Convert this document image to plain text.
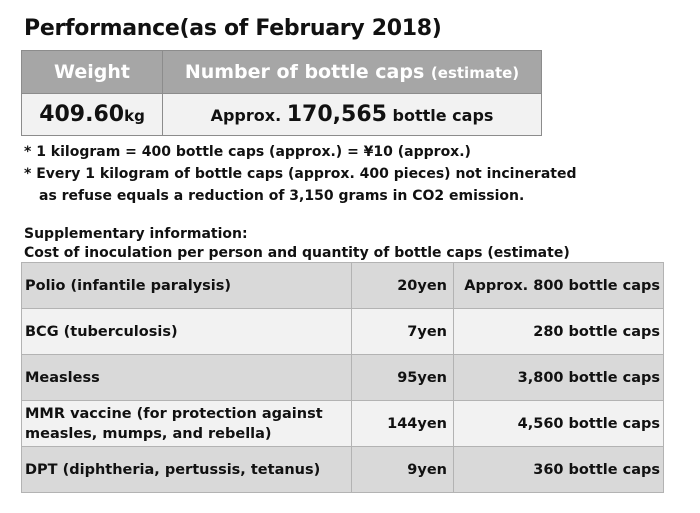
Performance(as of February 2018)
Weight	Number of bottle caps (estimate)
409.60kg	Approx. 170,565 bottle caps
* 1 kilogram = 400 bottle caps (approx.) = ¥10 (approx.)
* Every 1 kilogram of bottle caps (approx. 400 pieces) not incinerated
as refuse equals a reduction of 3,150 grams in CO2 emission.
Supplementary information:
Cost of inoculation per person and quantity of bottle caps (estimate)
Polio (infantile paralysis)	20yen	Approx. 800 bottle caps
BCG (tuberculosis)	7yen	280 bottle caps
Measless	95yen	3,800 bottle caps
MMR vaccine (for protection against measles, mumps, and rebella)	144yen	4,560 bottle caps
DPT (diphtheria, pertussis, tetanus)	9yen	360 bottle caps
